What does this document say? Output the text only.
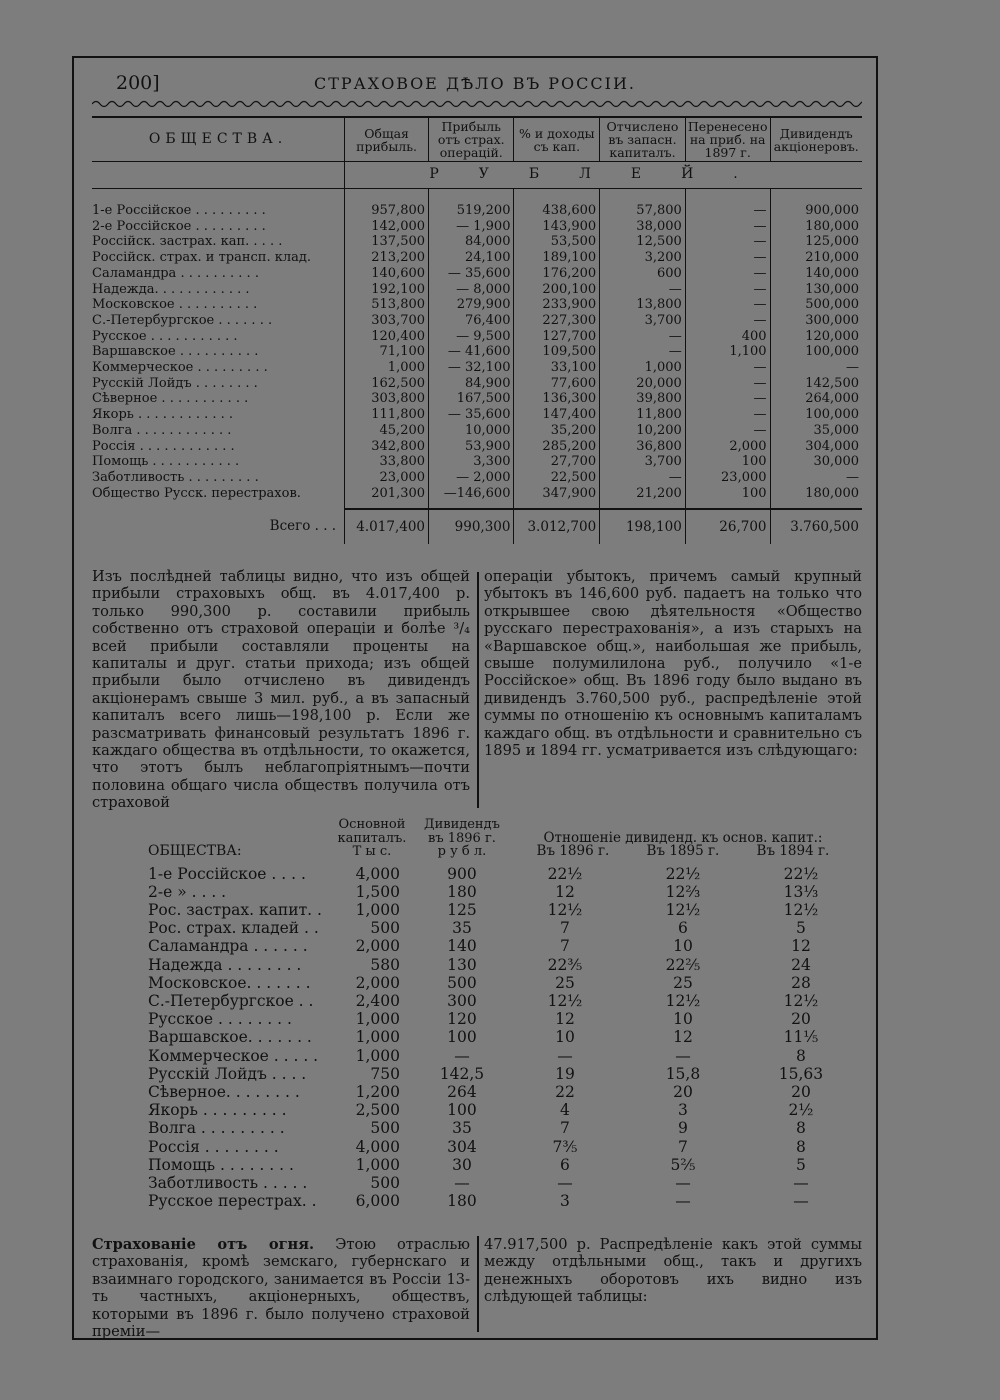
200]	СТРАХОВОЕ ДѢЛО ВЪ РОССIИ.
ОБЩЕСТВА.	Общая прибыль.	Прибыль отъ страх. операцiй.	% и доходы съ кап.	Отчислено въ запасн. капиталъ.	Перенесено на приб. на 1897 г.	Дивидендъ акцiонеровъ.
	РУБЛЕЙ.					
1-е Россiйское . . . . . . . . .	957,800	519,200	438,600	57,800	—	900,000
2-е Россiйское . . . . . . . . .	142,000	— 1,900	143,900	38,000	—	180,000
Россiйск. застрах. кап. . . . .	137,500	84,000	53,500	12,500	—	125,000
Россiйск. страх. и трансп. клад.	213,200	24,100	189,100	3,200	—	210,000
Саламандра . . . . . . . . . .	140,600	— 35,600	176,200	600	—	140,000
Надежда. . . . . . . . . . . .	192,100	— 8,000	200,100	—	—	130,000
Московское . . . . . . . . . .	513,800	279,900	233,900	13,800	—	500,000
С.-Петербургское . . . . . . .	303,700	76,400	227,300	3,700	—	300,000
Русское . . . . . . . . . . .	120,400	— 9,500	127,700	—	400	120,000
Варшавское . . . . . . . . . .	71,100	— 41,600	109,500	—	1,100	100,000
Коммерческое . . . . . . . . .	1,000	— 32,100	33,100	1,000	—	—
Русскiй Лойдъ . . . . . . . .	162,500	84,900	77,600	20,000	—	142,500
Сѣверное . . . . . . . . . . .	303,800	167,500	136,300	39,800	—	264,000
Якорь . . . . . . . . . . . .	111,800	— 35,600	147,400	11,800	—	100,000
Волга . . . . . . . . . . . .	45,200	10,000	35,200	10,200	—	35,000
Россiя . . . . . . . . . . . .	342,800	53,900	285,200	36,800	2,000	304,000
Помощь . . . . . . . . . . .	33,800	3,300	27,700	3,700	100	30,000
Заботливость . . . . . . . . .	23,000	— 2,000	22,500	—	23,000	—
Общество Русск. перестрахов.	201,300	—146,600	347,900	21,200	100	180,000
Всего . . .	4.017,400	990,300	3.012,700	198,100	26,700	3.760,500
Изъ послѣдней таблицы видно, что изъ общей прибыли страховыхъ общ. въ 4.017,400 р. только 990,300 р. составили прибыль собственно отъ страховой операцiи и болѣе ³/₄ всей прибыли составляли проценты на капиталы и друг. статьи прихода; изъ общей прибыли было отчислено въ дивидендъ акцiонерамъ свыше 3 мил. руб., а въ запасный капиталъ всего лишь—198,100 р. Если же разсматривать финансовый результатъ 1896 г. каждаго общества въ отдѣльности, то окажется, что этотъ былъ неблагопрiятнымъ—почти половина общаго числа обществъ получила отъ страховой
операцiи убытокъ, причемъ самый крупный убытокъ въ 146,600 руб. падаетъ на только что открывшее свою дѣятельностя «Общество русскаго перестрахованiя», а изъ старыхъ на «Варшавское общ.», наибольшая же прибыль, свыше полумилилона руб., получило «1-е Россiйское» общ. Въ 1896 году было выдано въ дивидендъ 3.760,500 руб., распредѣленiе этой суммы по отношенiю къ основнымъ капиталамъ каждаго общ. въ отдѣльности и сравнительно съ 1895 и 1894 гг. усматривается изъ слѣдующаго:
ОБЩЕСТВА:	Основной капиталъ.
Т ы с.	Дивидендъ въ 1896 г.
р у б л.	Отношенiе дивиденд. къ основ. капит.:
Въ 1896 г. Въ 1895 г. Въ 1894 г.		
1-е Россiйское . . . .	4,000	900	22½	22½	22½
2-е » . . . .	1,500	180	12	12⅔	13⅓
Рос. застрах. капит. .	1,000	125	12½	12½	12½
Рос. страх. кладей . .	500	35	7	6	5
Саламандра . . . . . .	2,000	140	7	10	12
Надежда . . . . . . . .	580	130	22⅗	22⅖	24
Московское. . . . . . .	2,000	500	25	25	28
С.-Петербургское . .	2,400	300	12½	12½	12½
Русское . . . . . . . .	1,000	120	12	10	20
Варшавское. . . . . . .	1,000	100	10	12	11⅕
Коммерческое . . . . .	1,000	—	—	—	8
Русскiй Лойдъ . . . .	750	142,5	19	15,8	15,63
Сѣверное. . . . . . . .	1,200	264	22	20	20
Якорь . . . . . . . . .	2,500	100	4	3	2½
Волга . . . . . . . . .	500	35	7	9	8
Россiя . . . . . . . .	4,000	304	7⅗	7	8
Помощь . . . . . . . .	1,000	30	6	5⅖	5
Заботливость . . . . .	500	—	—	—	—
Русское перестрах. .	6,000	180	3	—	—
Страхованiе отъ огня. Этою отраслью страхованiя, кромѣ земскаго, губернскаго и взаимнаго городского, занимается въ Россiи 13-ть частныхъ, акцiонерныхъ, обществъ, которыми въ 1896 г. было получено страховой премiи—
47.917,500 р. Распредѣленiе какъ этой суммы между отдѣльными общ., такъ и другихъ денежныхъ оборотовъ ихъ видно изъ слѣдующей таблицы:
